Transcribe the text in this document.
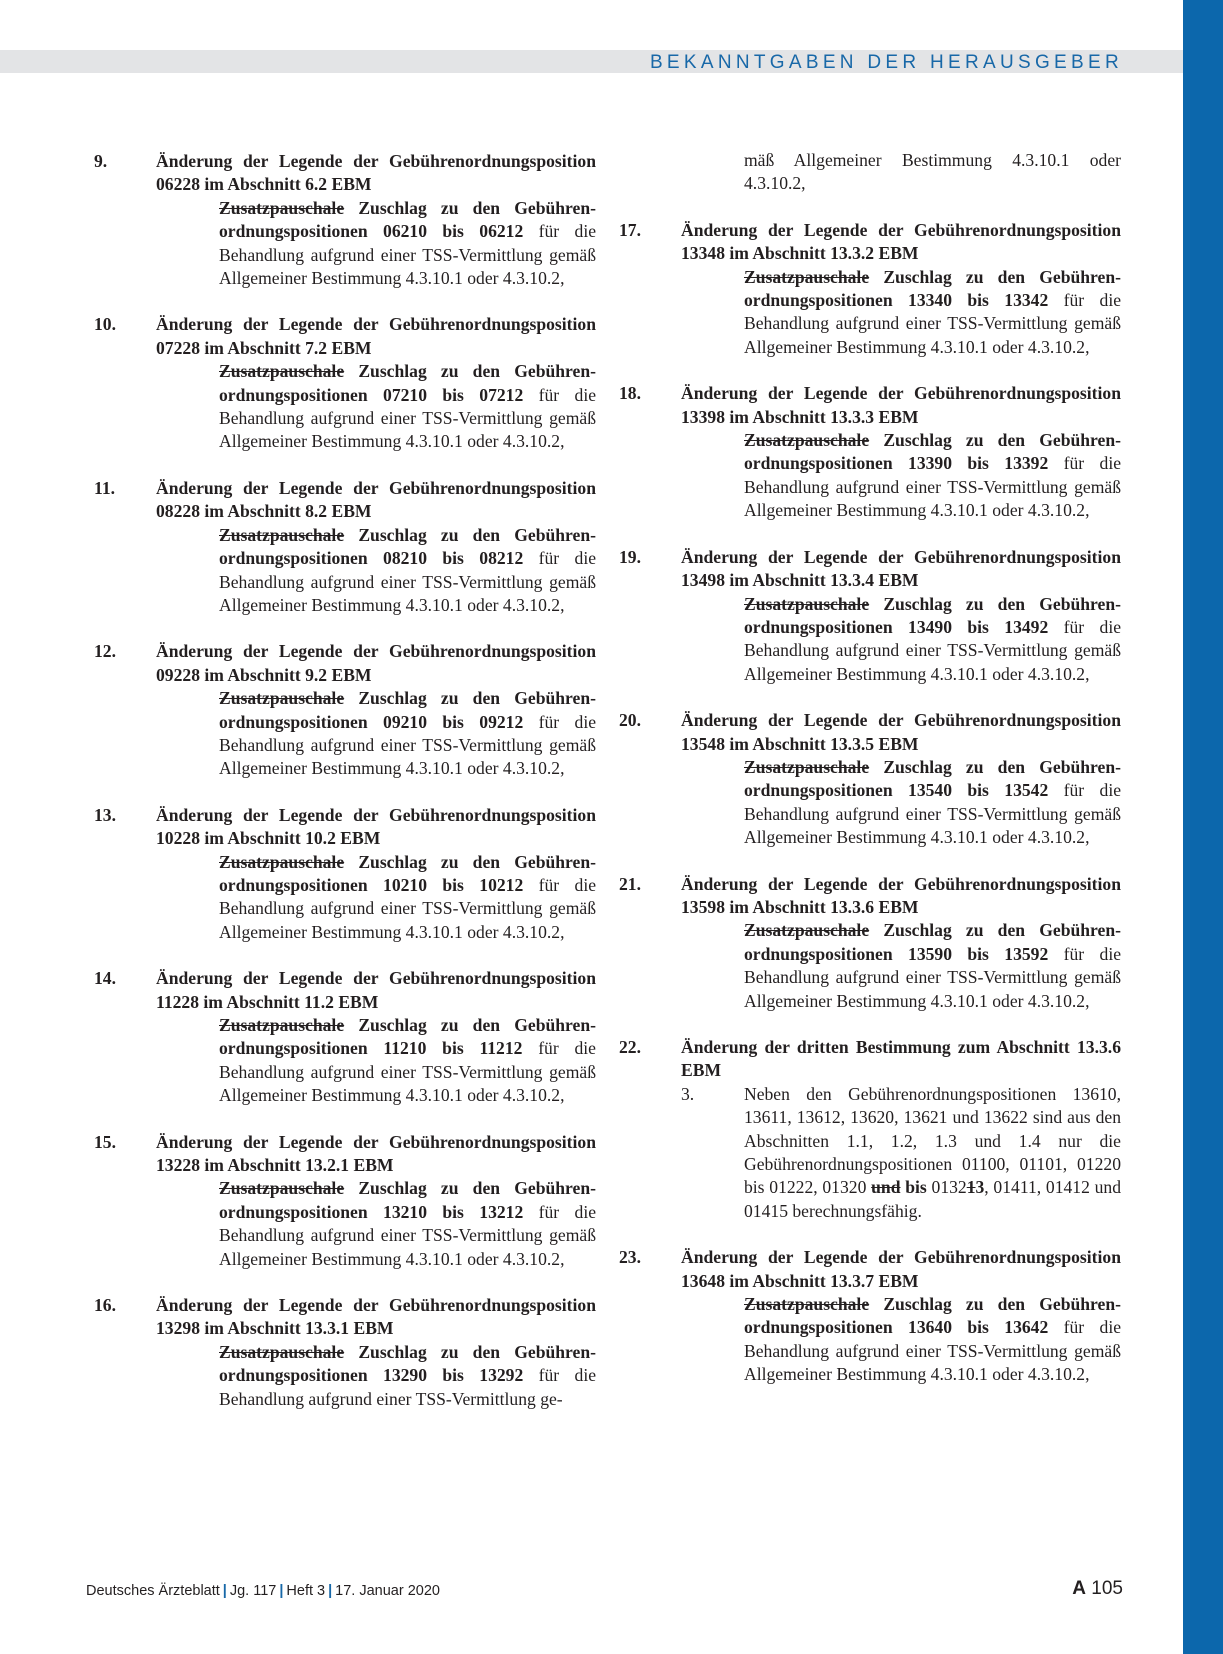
BEKANNTGABEN DER HERAUSGEBER
9.	Änderung der Legende der Gebührenordnungsposition 06228 im Abschnitt 6.2 EBM
Zusatzpauschale Zuschlag zu den Gebührenordnungspositionen 06210 bis 06212 für die Behandlung aufgrund einer TSS-Vermittlung gemäß Allgemeiner Bestimmung 4.3.10.1 oder 4.3.10.2,
10. Änderung der Legende der Gebührenordnungsposition 07228 im Abschnitt 7.2 EBM
Zusatzpauschale Zuschlag zu den Gebührenordnungspositionen 07210 bis 07212 für die Behandlung aufgrund einer TSS-Vermittlung gemäß Allgemeiner Bestimmung 4.3.10.1 oder 4.3.10.2,
11. Änderung der Legende der Gebührenordnungsposition 08228 im Abschnitt 8.2 EBM
Zusatzpauschale Zuschlag zu den Gebührenordnungspositionen 08210 bis 08212 für die Behandlung aufgrund einer TSS-Vermittlung gemäß Allgemeiner Bestimmung 4.3.10.1 oder 4.3.10.2,
12. Änderung der Legende der Gebührenordnungsposition 09228 im Abschnitt 9.2 EBM
Zusatzpauschale Zuschlag zu den Gebührenordnungspositionen 09210 bis 09212 für die Behandlung aufgrund einer TSS-Vermittlung gemäß Allgemeiner Bestimmung 4.3.10.1 oder 4.3.10.2,
13. Änderung der Legende der Gebührenordnungsposition 10228 im Abschnitt 10.2 EBM
Zusatzpauschale Zuschlag zu den Gebührenordnungspositionen 10210 bis 10212 für die Behandlung aufgrund einer TSS-Vermittlung gemäß Allgemeiner Bestimmung 4.3.10.1 oder 4.3.10.2,
14. Änderung der Legende der Gebührenordnungsposition 11228 im Abschnitt 11.2 EBM
Zusatzpauschale Zuschlag zu den Gebührenordnungspositionen 11210 bis 11212 für die Behandlung aufgrund einer TSS-Vermittlung gemäß Allgemeiner Bestimmung 4.3.10.1 oder 4.3.10.2,
15. Änderung der Legende der Gebührenordnungsposition 13228 im Abschnitt 13.2.1 EBM
Zusatzpauschale Zuschlag zu den Gebührenordnungspositionen 13210 bis 13212 für die Behandlung aufgrund einer TSS-Vermittlung gemäß Allgemeiner Bestimmung 4.3.10.1 oder 4.3.10.2,
16. Änderung der Legende der Gebührenordnungsposition 13298 im Abschnitt 13.3.1 EBM
Zusatzpauschale Zuschlag zu den Gebührenordnungspositionen 13290 bis 13292 für die Behandlung aufgrund einer TSS-Vermittlung ge-
mäß Allgemeiner Bestimmung 4.3.10.1 oder 4.3.10.2,
17. Änderung der Legende der Gebührenordnungsposition 13348 im Abschnitt 13.3.2 EBM
Zusatzpauschale Zuschlag zu den Gebührenordnungspositionen 13340 bis 13342 für die Behandlung aufgrund einer TSS-Vermittlung gemäß Allgemeiner Bestimmung 4.3.10.1 oder 4.3.10.2,
18. Änderung der Legende der Gebührenordnungsposition 13398 im Abschnitt 13.3.3 EBM
Zusatzpauschale Zuschlag zu den Gebührenordnungspositionen 13390 bis 13392 für die Behandlung aufgrund einer TSS-Vermittlung gemäß Allgemeiner Bestimmung 4.3.10.1 oder 4.3.10.2,
19. Änderung der Legende der Gebührenordnungsposition 13498 im Abschnitt 13.3.4 EBM
Zusatzpauschale Zuschlag zu den Gebührenordnungspositionen 13490 bis 13492 für die Behandlung aufgrund einer TSS-Vermittlung gemäß Allgemeiner Bestimmung 4.3.10.1 oder 4.3.10.2,
20. Änderung der Legende der Gebührenordnungsposition 13548 im Abschnitt 13.3.5 EBM
Zusatzpauschale Zuschlag zu den Gebührenordnungspositionen 13540 bis 13542 für die Behandlung aufgrund einer TSS-Vermittlung gemäß Allgemeiner Bestimmung 4.3.10.1 oder 4.3.10.2,
21. Änderung der Legende der Gebührenordnungsposition 13598 im Abschnitt 13.3.6 EBM
Zusatzpauschale Zuschlag zu den Gebührenordnungspositionen 13590 bis 13592 für die Behandlung aufgrund einer TSS-Vermittlung gemäß Allgemeiner Bestimmung 4.3.10.1 oder 4.3.10.2,
22. Änderung der dritten Bestimmung zum Abschnitt 13.3.6 EBM
3.	Neben den Gebührenordnungspositionen 13610, 13611, 13612, 13620, 13621 und 13622 sind aus den Abschnitten 1.1, 1.2, 1.3 und 1.4 nur die Gebührenordnungspositionen 01100, 01101, 01220 bis 01222, 01320 und bis 013213, 01411, 01412 und 01415 berechnungsfähig.
23. Änderung der Legende der Gebührenordnungsposition 13648 im Abschnitt 13.3.7 EBM
Zusatzpauschale Zuschlag zu den Gebührenordnungspositionen 13640 bis 13642 für die Behandlung aufgrund einer TSS-Vermittlung gemäß Allgemeiner Bestimmung 4.3.10.1 oder 4.3.10.2,
Deutsches Ärzteblatt | Jg. 117 | Heft 3 | 17. Januar 2020	A 105
